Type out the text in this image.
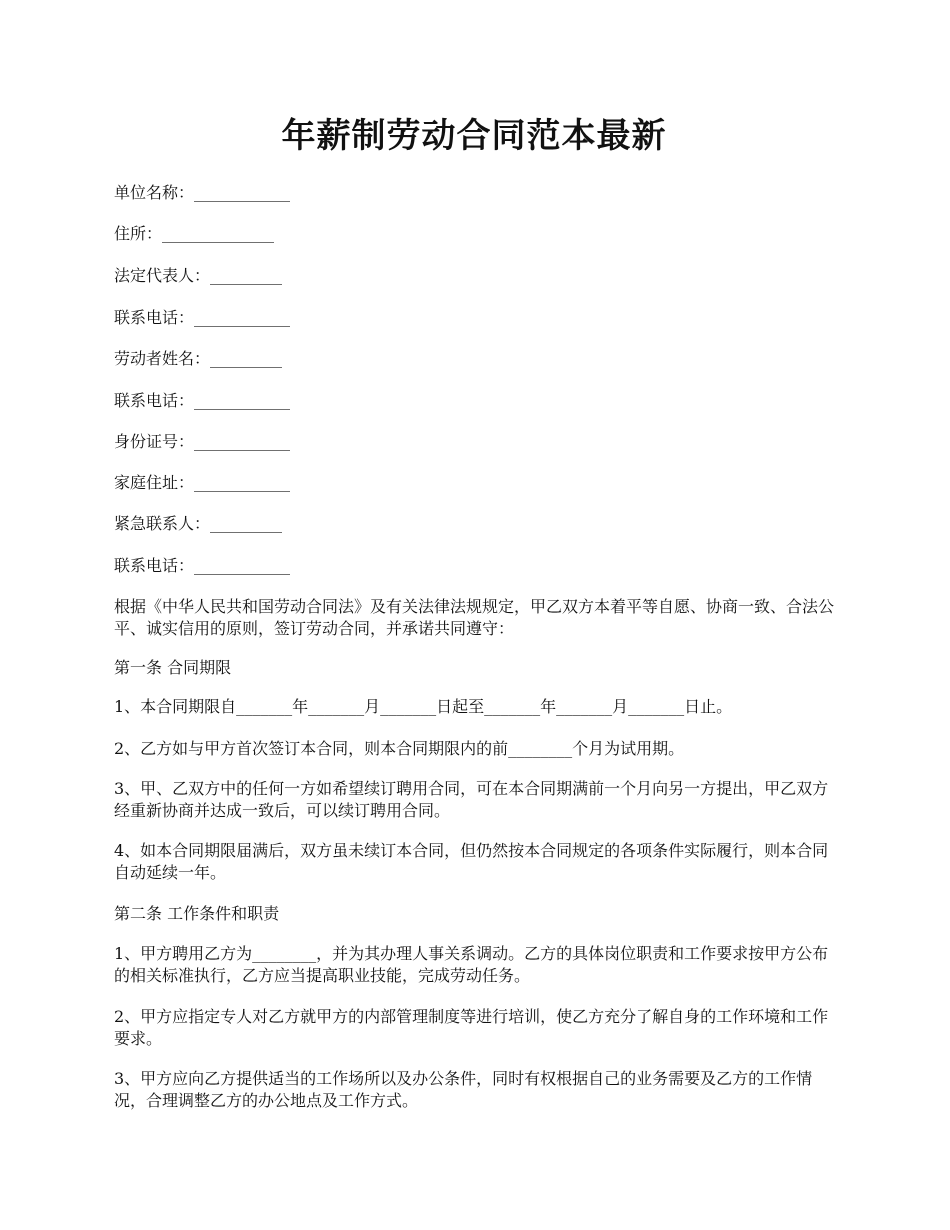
年薪制劳动合同范本最新
单位名称：____________
住所：______________
法定代表人：_________
联系电话：____________
劳动者姓名：_________
联系电话：____________
身份证号：____________
家庭住址：____________
紧急联系人：_________
联系电话：____________

根据《中华人民共和国劳动合同法》及有关法律法规规定，甲乙双方本着平等自愿、协商一致、合法公平、诚实信用的原则，签订劳动合同，并承诺共同遵守：

第一条 合同期限

1、本合同期限自_______年_______月_______日起至_______年_______月_______日止。

2、乙方如与甲方首次签订本合同，则本合同期限内的前________个月为试用期。

3、甲、乙双方中的任何一方如希望续订聘用合同，可在本合同期满前一个月向另一方提出，甲乙双方经重新协商并达成一致后，可以续订聘用合同。

4、如本合同期限届满后，双方虽未续订本合同，但仍然按本合同规定的各项条件实际履行，则本合同自动延续一年。

第二条 工作条件和职责

1、甲方聘用乙方为________，并为其办理人事关系调动。乙方的具体岗位职责和工作要求按甲方公布的相关标准执行，乙方应当提高职业技能，完成劳动任务。

2、甲方应指定专人对乙方就甲方的内部管理制度等进行培训，使乙方充分了解自身的工作环境和工作要求。

3、甲方应向乙方提供适当的工作场所以及办公条件，同时有权根据自己的业务需要及乙方的工作情况，合理调整乙方的办公地点及工作方式。
